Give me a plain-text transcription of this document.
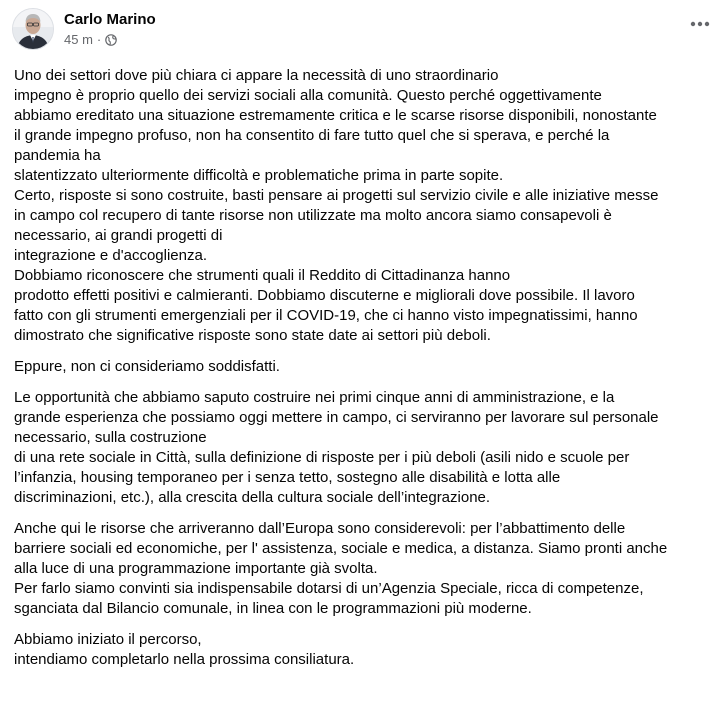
Carlo Marino
45 m ·
Uno dei settori dove più chiara ci appare la necessità di uno straordinario
impegno è proprio quello dei servizi sociali alla comunità. Questo perché oggettivamente
abbiamo ereditato una situazione estremamente critica e le scarse risorse disponibili, nonostante
il grande impegno profuso, non ha consentito di fare tutto quel che si sperava, e perché la
pandemia ha
slatentizzato ulteriormente difficoltà e problematiche prima in parte sopite.
Certo, risposte si sono costruite, basti pensare ai progetti sul servizio civile e alle iniziative messe
in campo col recupero di tante risorse non utilizzate ma molto ancora siamo consapevoli è
necessario, ai grandi progetti di
integrazione e d'accoglienza.
Dobbiamo riconoscere che strumenti quali il Reddito di Cittadinanza hanno
prodotto effetti positivi e calmieranti. Dobbiamo discuterne e migliorali dove possibile. Il lavoro
fatto con gli strumenti emergenziali per il COVID-19, che ci hanno visto impegnatissimi, hanno
dimostrato che significative risposte sono state date ai settori più deboli.
Eppure, non ci consideriamo soddisfatti.
Le opportunità che abbiamo saputo costruire nei primi cinque anni di amministrazione, e la
grande esperienza che possiamo oggi mettere in campo, ci serviranno per lavorare sul personale
necessario, sulla costruzione
di una rete sociale in Città, sulla definizione di risposte per i più deboli (asili nido e scuole per
l’infanzia, housing temporaneo per i senza tetto, sostegno alle disabilità e lotta alle
discriminazioni, etc.), alla crescita della cultura sociale dell’integrazione.
Anche qui le risorse che arriveranno dall’Europa sono considerevoli: per l’abbattimento delle
barriere sociali ed economiche, per l' assistenza, sociale e medica, a distanza. Siamo pronti anche
alla luce di una programmazione importante già svolta.
Per farlo siamo convinti sia indispensabile dotarsi di un’Agenzia Speciale, ricca di competenze,
sganciata dal Bilancio comunale, in linea con le programmazioni più moderne.
Abbiamo iniziato il percorso,
intendiamo completarlo nella prossima consiliatura.
